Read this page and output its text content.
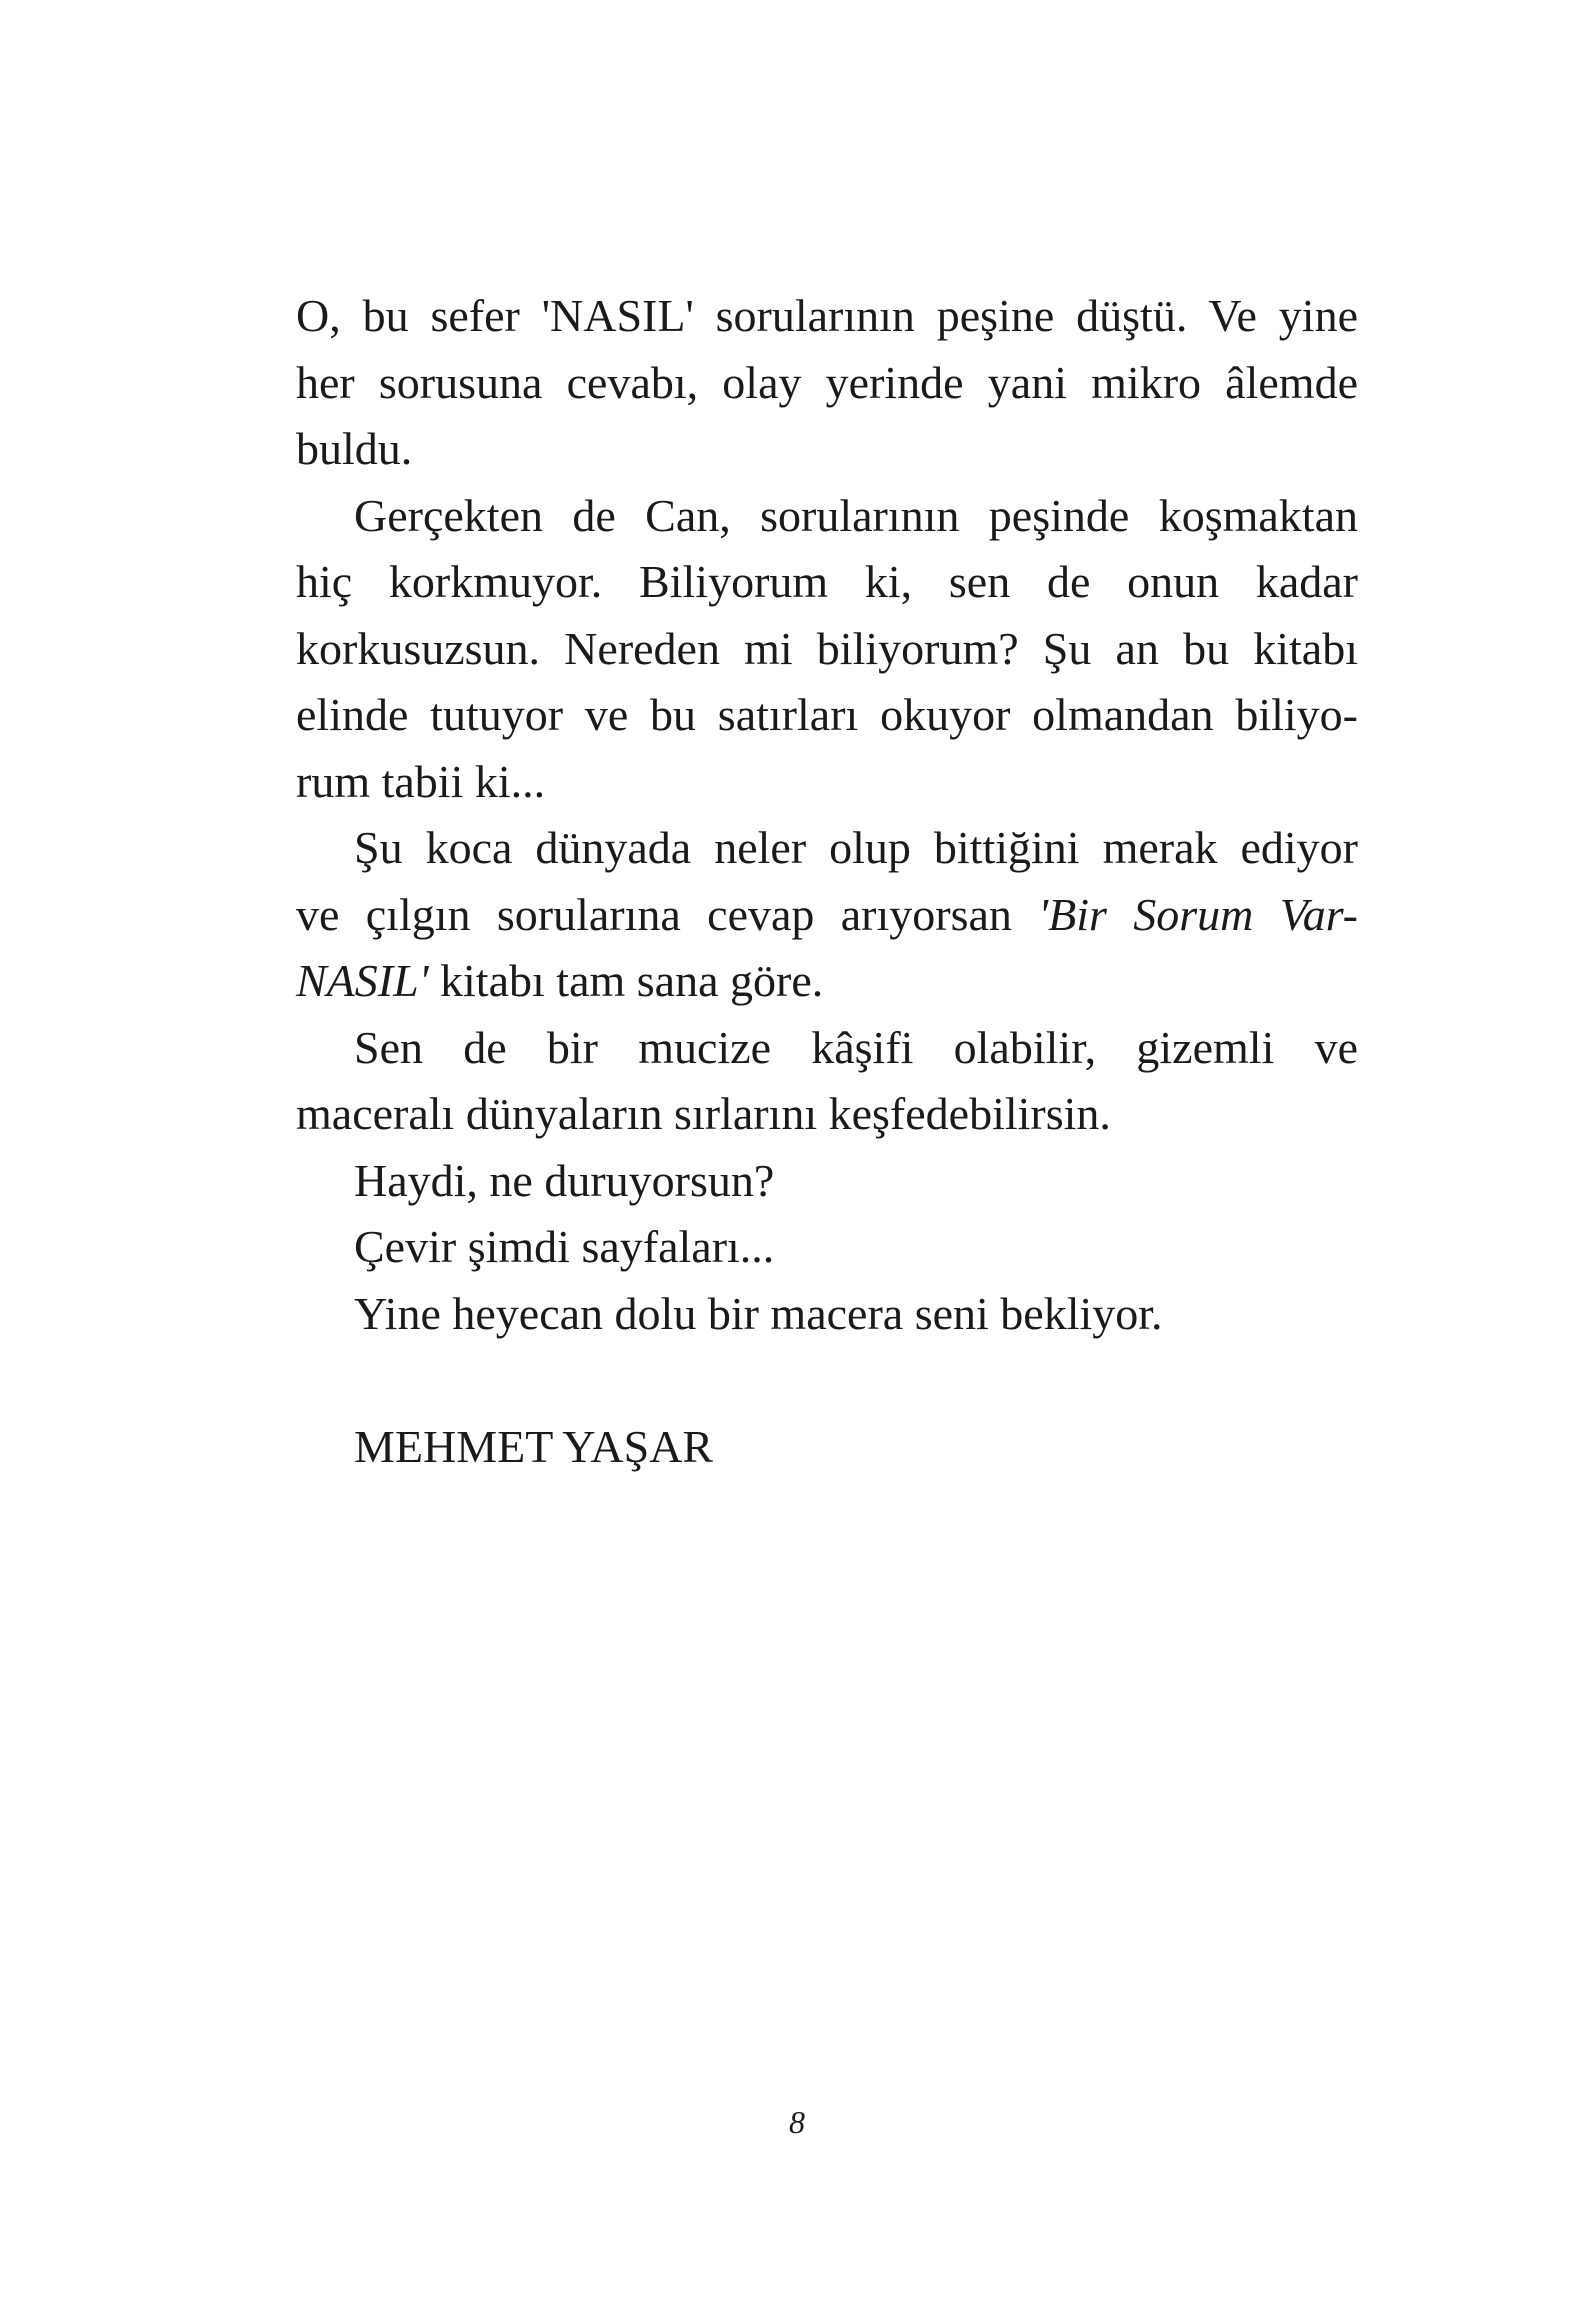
O, bu sefer 'NASIL' sorularının peşine düştü. Ve yine
her sorusuna cevabı, olay yerinde yani mikro âlemde
buldu.
Gerçekten de Can, sorularının peşinde koşmaktan
hiç korkmuyor. Biliyorum ki, sen de onun kadar
korkusuzsun. Nereden mi biliyorum? Şu an bu kitabı
elinde tutuyor ve bu satırları okuyor olmandan biliyo-
rum tabii ki...
Şu koca dünyada neler olup bittiğini merak ediyor
ve çılgın sorularına cevap arıyorsan 'Bir Sorum Var-
NASIL' kitabı tam sana göre.
Sen de bir mucize kâşifi olabilir, gizemli ve
maceralı dünyaların sırlarını keşfedebilirsin.
Haydi, ne duruyorsun?
Çevir şimdi sayfaları...
Yine heyecan dolu bir macera seni bekliyor.
MEHMET YAŞAR
8
